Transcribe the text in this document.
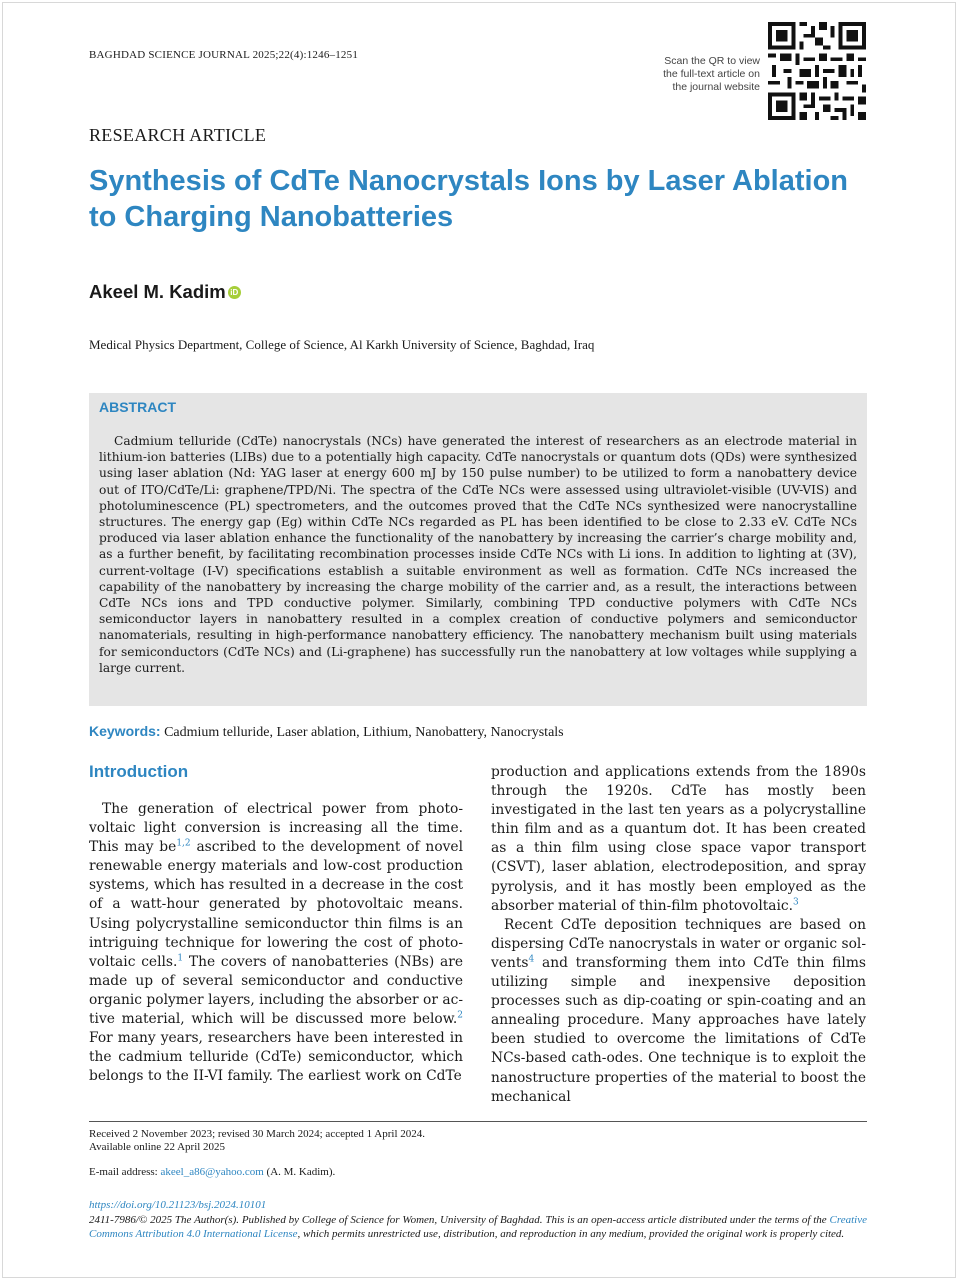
BAGHDAD SCIENCE JOURNAL 2025;22(4):1246–1251	Scan the QR to view
the full-text article on
the journal website
RESEARCH ARTICLE
Synthesis of CdTe Nanocrystals Ions by Laser Ablation to Charging Nanobatteries
Akeel M. Kadim iD
Medical Physics Department, College of Science, Al Karkh University of Science, Baghdad, Iraq
ABSTRACT
Cadmium telluride (CdTe) nanocrystals (NCs) have generated the interest of researchers as an electrode material in lithium-ion batteries (LIBs) due to a potentially high capacity. CdTe nanocrystals or quantum dots (QDs) were synthesized using laser ablation (Nd: YAG laser at energy 600 mJ by 150 pulse number) to be utilized to form a nanobattery device out of ITO/CdTe/Li: graphene/TPD/Ni. The spectra of the CdTe NCs were assessed using ultraviolet-visible (UV-VIS) and photoluminescence (PL) spectrometers, and the outcomes proved that the CdTe NCs synthesized were nanocrystalline structures. The energy gap (Eg) within CdTe NCs regarded as PL has been identified to be close to 2.33 eV. CdTe NCs produced via laser ablation enhance the functionality of the nanobattery by increasing the carrier’s charge mobility and, as a further benefit, by facilitating recombination processes inside CdTe NCs with Li ions. In addition to lighting at (3V), current-voltage (I-V) specifications establish a suitable environment as well as formation. CdTe NCs increased the capability of the nanobattery by increasing the charge mobility of the carrier and, as a result, the interactions between CdTe NCs ions and TPD conductive polymer. Similarly, combining TPD conductive polymers with CdTe NCs semiconductor layers in nanobattery resulted in a complex creation of conductive polymers and semiconductor nanomaterials, resulting in high-performance nanobattery efficiency. The nanobattery mechanism built using materials for semiconductors (CdTe NCs) and (Li-graphene) has successfully run the nanobattery at low voltages while supplying a large current.
Keywords: Cadmium telluride, Laser ablation, Lithium, Nanobattery, Nanocrystals
Introduction

The generation of electrical power from photo-voltaic light conversion is increasing all the time. This may be$^{1,2}$ ascribed to the development of novel renewable energy materials and low-cost production systems, which has resulted in a decrease in the cost of a watt-hour generated by photovoltaic means. Using polycrystalline semiconductor thin films is an intriguing technique for lowering the cost of photo-voltaic cells.$^1$ The covers of nanobatteries (NBs) are made up of several semiconductor and conductive organic polymer layers, including the absorber or ac-tive material, which will be discussed more below.$^2$ For many years, researchers have been interested in the cadmium telluride (CdTe) semiconductor, which belongs to the II-VI family. The earliest work on CdTe

production and applications extends from the 1890s through the 1920s. CdTe has mostly been investigated in the last ten years as a polycrystalline thin film and as a quantum dot. It has been created as a thin film using close space vapor transport (CSVT), laser ablation, electrodeposition, and spray pyrolysis, and it has mostly been employed as the absorber material of thin-film photovoltaic.$^3$

Recent CdTe deposition techniques are based on dispersing CdTe nanocrystals in water or organic sol-vents$^4$ and transforming them into CdTe thin films utilizing simple and inexpensive deposition processes such as dip-coating or spin-coating and an annealing procedure. Many approaches have lately been studied to overcome the limitations of CdTe NCs-based cath-odes. One technique is to exploit the nanostructure properties of the material to boost the mechanical

Received 2 November 2023; revised 30 March 2024; accepted 1 April 2024.
Available online 22 April 2025
E-mail address: akeel_a86@yahoo.com (A. M. Kadim).
https://doi.org/10.21123/bsj.2024.10101
2411-7986/© 2025 The Author(s). Published by College of Science for Women, University of Baghdad. This is an open-access article distributed under the terms of the Creative Commons Attribution 4.0 International License, which permits unrestricted use, distribution, and reproduction in any medium, provided the original work is properly cited.
